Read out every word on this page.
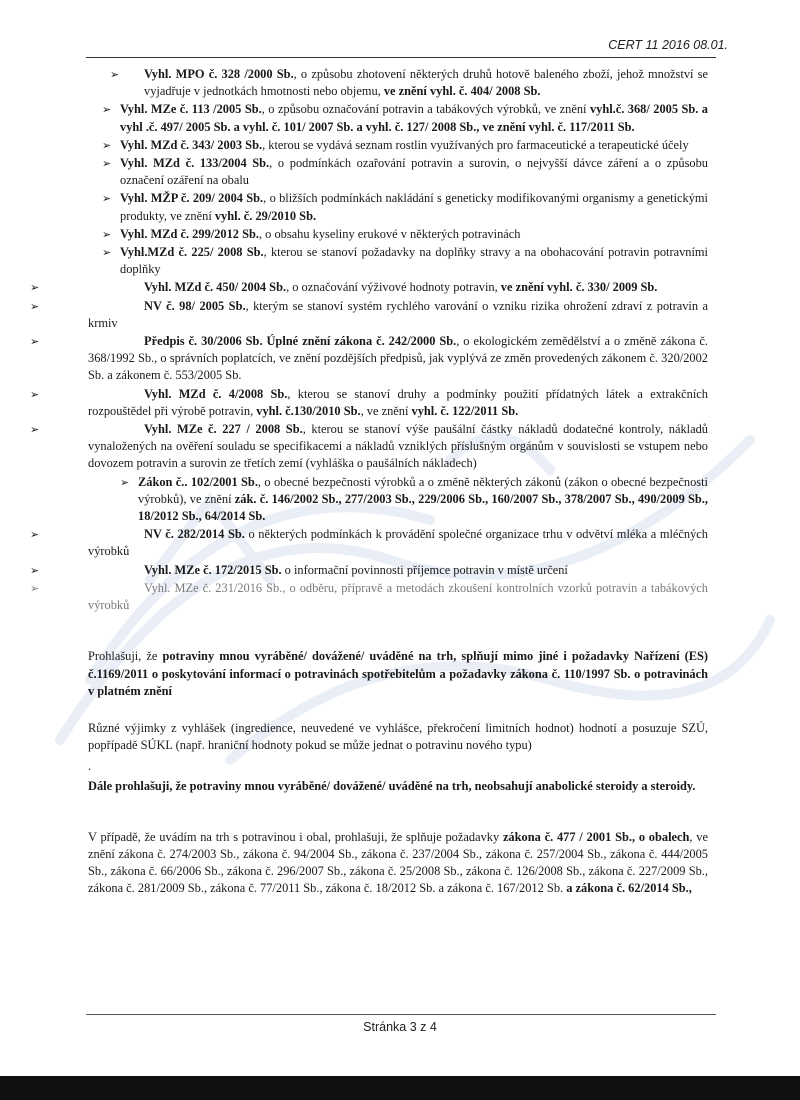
CERT 11 2016 08.01.
➢ Vyhl. MPO č. 328 /2000 Sb., o způsobu zhotovení některých druhů hotově baleného zboží, jehož množství se vyjadřuje v jednotkách hmotnosti nebo objemu, ve znění vyhl. č. 404/ 2008 Sb.
➢ Vyhl. MZe č. 113 /2005 Sb., o způsobu označování potravin a tabákových výrobků, ve znění vyhl.č. 368/ 2005 Sb. a vyhl .č. 497/ 2005 Sb. a vyhl. č. 101/ 2007 Sb. a vyhl. č. 127/ 2008 Sb., ve znění vyhl. č. 117/2011 Sb.
➢ Vyhl. MZd č. 343/ 2003 Sb., kterou se vydává seznam rostlin využívaných pro farmaceutické a terapeutické účely
➢ Vyhl. MZd č. 133/2004 Sb., o podmínkách ozařování potravin a surovin, o nejvyšší dávce záření a o způsobu označení ozáření na obalu
➢ Vyhl. MŽP č. 209/ 2004 Sb., o bližších podmínkách nakládání s geneticky modifikovanými organismy a genetickými produkty, ve znění vyhl. č. 29/2010 Sb.
➢ Vyhl. MZd č. 299/2012 Sb., o obsahu kyseliny erukové v některých potravinách
➢ Vyhl.MZd č. 225/ 2008 Sb., kterou se stanoví požadavky na doplňky stravy a na obohacování potravin potravními doplňky
➢	Vyhl. MZd č. 450/ 2004 Sb., o označování výživové hodnoty potravin, ve znění vyhl. č. 330/ 2009 Sb.
➢	NV č. 98/ 2005 Sb., kterým se stanoví systém rychlého varování o vzniku rizika ohrožení zdraví z potravin a krmiv
➢	Předpis č. 30/2006 Sb. Úplné znění zákona č. 242/2000 Sb., o ekologickém zemědělství a o změně zákona č. 368/1992 Sb., o správních poplatcích, ve znění pozdějších předpisů, jak vyplývá ze změn provedených zákonem č. 320/2002 Sb. a zákonem č. 553/2005 Sb.
➢	Vyhl. MZd č. 4/2008 Sb., kterou se stanoví druhy a podmínky použití přídatných látek a extrakčních rozpouštědel při výrobě potravin, vyhl. č.130/2010 Sb., ve znění vyhl. č. 122/2011 Sb.
➢	Vyhl. MZe č. 227 / 2008 Sb., kterou se stanoví výše paušální částky nákladů dodatečné kontroly, nákladů vynaložených na ověření souladu se specifikacemi a nákladů vzniklých příslušným orgánům v souvislosti se vstupem nebo dovozem potravin a surovin ze třetích zemí (vyhláška o paušálních nákladech)
➢ Zákon č.. 102/2001 Sb., o obecné bezpečnosti výrobků a o změně některých zákonů (zákon o obecné bezpečnosti výrobků), ve znění zák. č. 146/2002 Sb., 277/2003 Sb., 229/2006 Sb., 160/2007 Sb., 378/2007 Sb., 490/2009 Sb., 18/2012 Sb., 64/2014 Sb.
➢	NV č. 282/2014 Sb. o některých podmínkách k provádění společné organizace trhu v odvětví mléka a mléčných výrobků
➢	Vyhl. MZe č. 172/2015 Sb. o informační povinnosti příjemce potravin v místě určení
➢	Vyhl. MZe č. 231/2016 Sb., o odběru, přípravě a metodách zkoušení kontrolních vzorků potravin a tabákových výrobků

Prohlašuji, že potraviny mnou vyráběné/ dovážené/ uváděné na trh, splňují mimo jiné i požadavky Nařízení (ES) č.1169/2011 o poskytování informací o potravinách spotřebitelům a požadavky zákona č. 110/1997 Sb. o potravinách v platném znění

Různé výjimky z vyhlášek (ingredience, neuvedené ve vyhlášce, překročení limitních hodnot) hodnotí a posuzuje SZÚ, popřípadě SÚKL (např. hraniční hodnoty pokud se může jednat o potravinu nového typu)

.

Dále prohlašuji, že potraviny mnou vyráběné/ dovážené/ uváděné na trh, neobsahují anabolické steroidy a steroidy.

V případě, že uvádím na trh s potravinou i obal, prohlašuji, že splňuje požadavky zákona č. 477 / 2001 Sb., o obalech, ve znění zákona č. 274/2003 Sb., zákona č. 94/2004 Sb., zákona č. 237/2004 Sb., zákona č. 257/2004 Sb., zákona č. 444/2005 Sb., zákona č. 66/2006 Sb., zákona č. 296/2007 Sb., zákona č. 25/2008 Sb., zákona č. 126/2008 Sb., zákona č. 227/2009 Sb., zákona č. 281/2009 Sb., zákona č. 77/2011 Sb., zákona č. 18/2012 Sb. a zákona č. 167/2012 Sb. a zákona č. 62/2014 Sb.,

Stránka 3 z 4
